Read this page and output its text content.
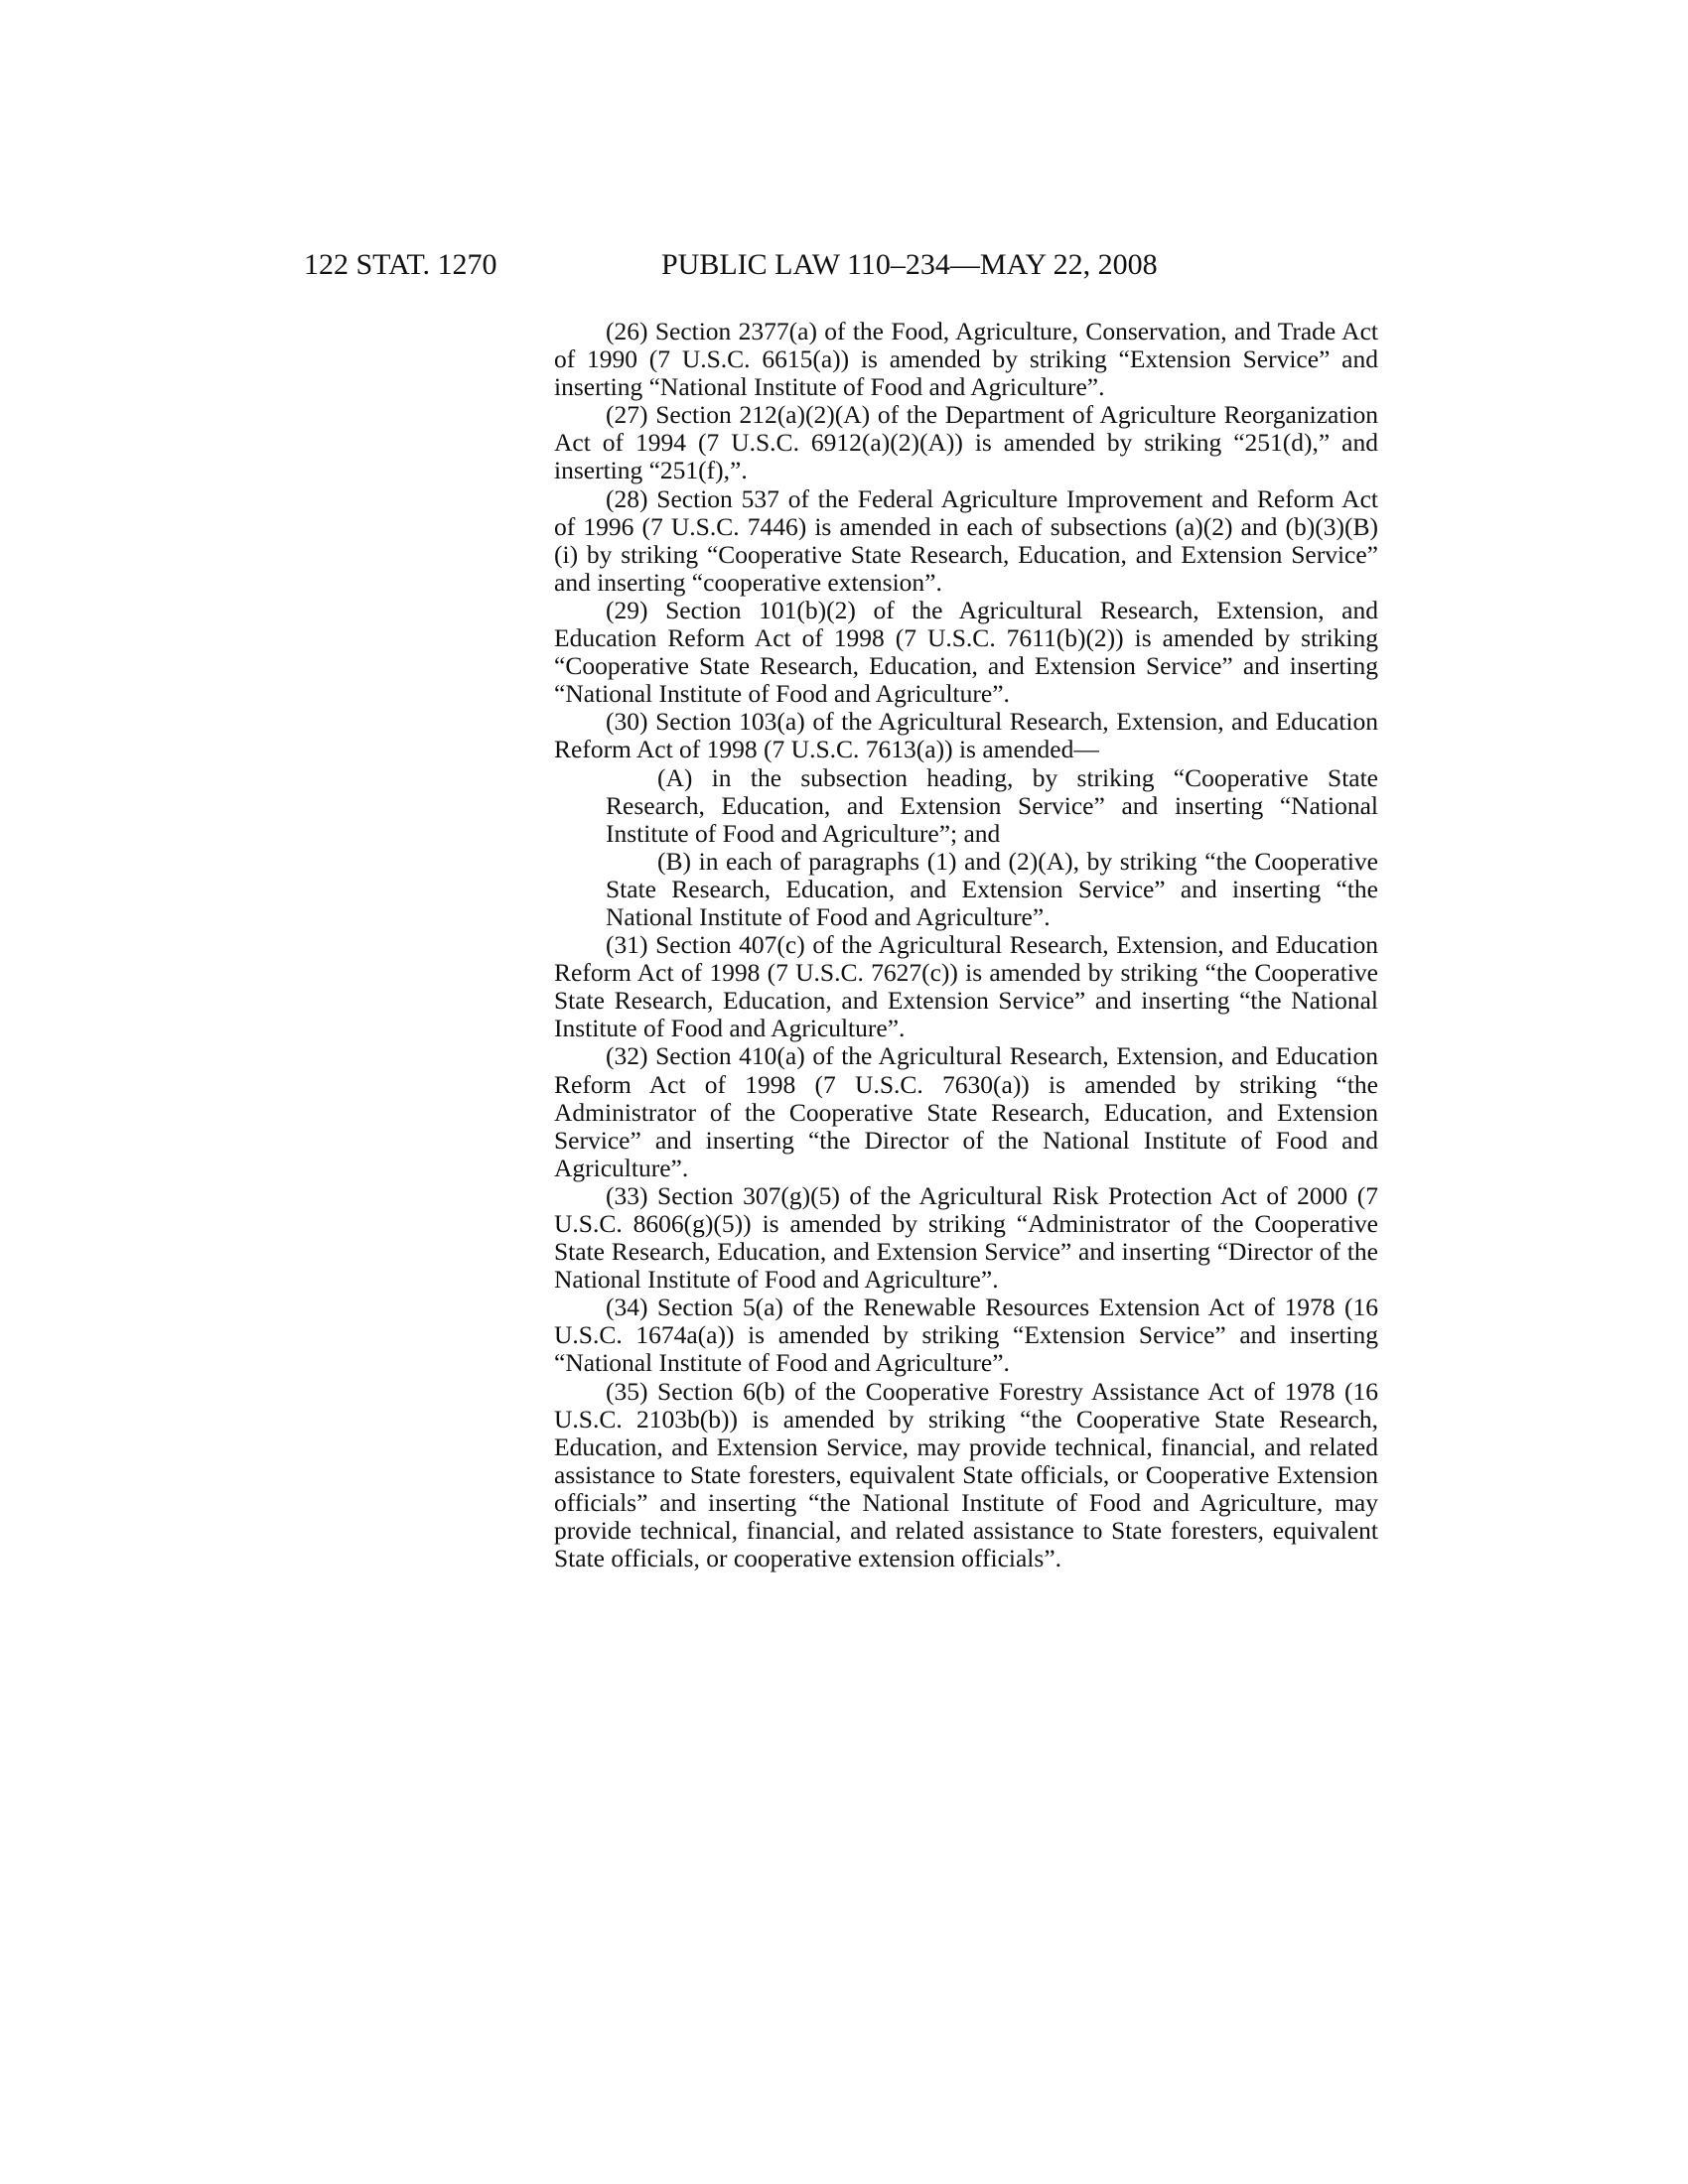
122 STAT. 1270	PUBLIC LAW 110–234—MAY 22, 2008

(26) Section 2377(a) of the Food, Agriculture, Conservation, and Trade Act of 1990 (7 U.S.C. 6615(a)) is amended by striking “Extension Service” and inserting “National Institute of Food and Agriculture”.

(27) Section 212(a)(2)(A) of the Department of Agriculture Reorganization Act of 1994 (7 U.S.C. 6912(a)(2)(A)) is amended by striking “251(d),” and inserting “251(f),”.

(28) Section 537 of the Federal Agriculture Improvement and Reform Act of 1996 (7 U.S.C. 7446) is amended in each of subsections (a)(2) and (b)(3)(B)(i) by striking “Cooperative State Research, Education, and Extension Service” and inserting “cooperative extension”.

(29) Section 101(b)(2) of the Agricultural Research, Extension, and Education Reform Act of 1998 (7 U.S.C. 7611(b)(2)) is amended by striking “Cooperative State Research, Education, and Extension Service” and inserting “National Institute of Food and Agriculture”.

(30) Section 103(a) of the Agricultural Research, Extension, and Education Reform Act of 1998 (7 U.S.C. 7613(a)) is amended—

(A) in the subsection heading, by striking “Cooperative State Research, Education, and Extension Service” and inserting “National Institute of Food and Agriculture”; and

(B) in each of paragraphs (1) and (2)(A), by striking “the Cooperative State Research, Education, and Extension Service” and inserting “the National Institute of Food and Agriculture”.

(31) Section 407(c) of the Agricultural Research, Extension, and Education Reform Act of 1998 (7 U.S.C. 7627(c)) is amended by striking “the Cooperative State Research, Education, and Extension Service” and inserting “the National Institute of Food and Agriculture”.

(32) Section 410(a) of the Agricultural Research, Extension, and Education Reform Act of 1998 (7 U.S.C. 7630(a)) is amended by striking “the Administrator of the Cooperative State Research, Education, and Extension Service” and inserting “the Director of the National Institute of Food and Agriculture”.

(33) Section 307(g)(5) of the Agricultural Risk Protection Act of 2000 (7 U.S.C. 8606(g)(5)) is amended by striking “Administrator of the Cooperative State Research, Education, and Extension Service” and inserting “Director of the National Institute of Food and Agriculture”.

(34) Section 5(a) of the Renewable Resources Extension Act of 1978 (16 U.S.C. 1674a(a)) is amended by striking “Extension Service” and inserting “National Institute of Food and Agriculture”.

(35) Section 6(b) of the Cooperative Forestry Assistance Act of 1978 (16 U.S.C. 2103b(b)) is amended by striking “the Cooperative State Research, Education, and Extension Service, may provide technical, financial, and related assistance to State foresters, equivalent State officials, or Cooperative Extension officials” and inserting “the National Institute of Food and Agriculture, may provide technical, financial, and related assistance to State foresters, equivalent State officials, or cooperative extension officials”.
